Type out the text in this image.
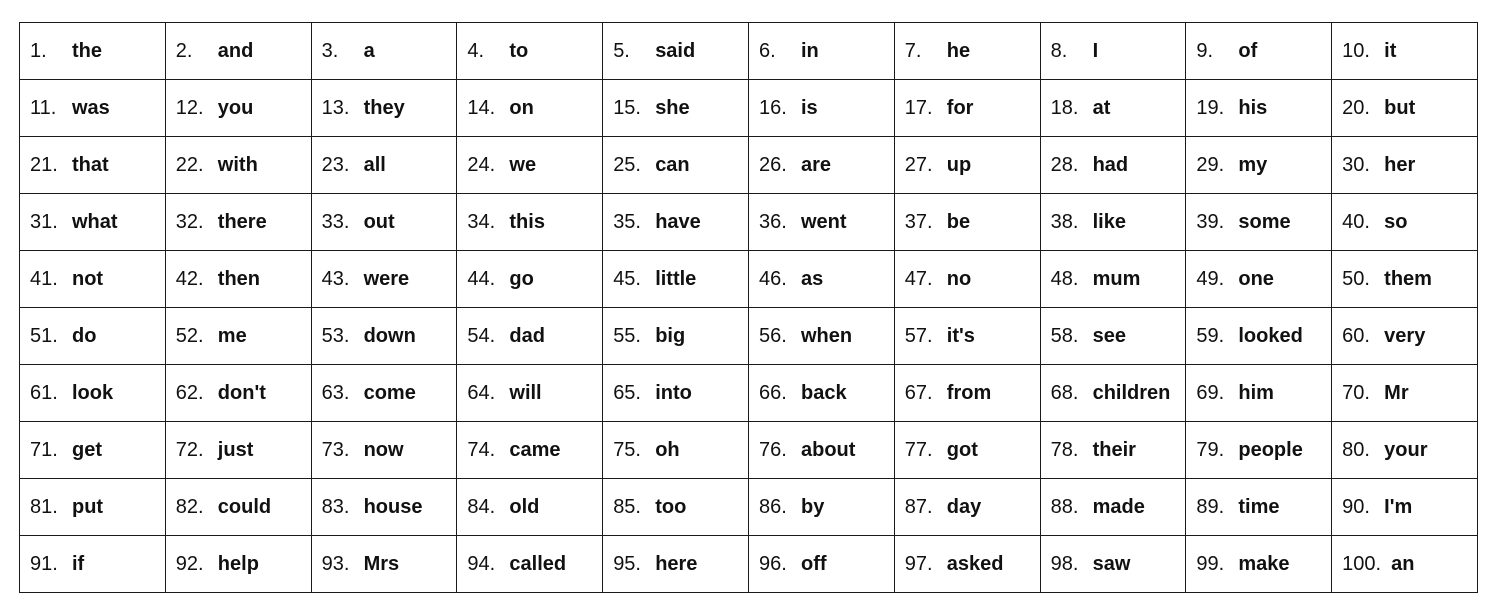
1. the	2. and	3. a	4. to	5. said	6. in	7. he	8. I	9. of	10. it
11. was	12. you	13. they	14. on	15. she	16. is	17. for	18. at	19. his	20. but
21. that	22. with	23. all	24. we	25. can	26. are	27. up	28. had	29. my	30. her
31. what	32. there	33. out	34. this	35. have	36. went	37. be	38. like	39. some	40. so
41. not	42. then	43. were	44. go	45. little	46. as	47. no	48. mum	49. one	50. them
51. do	52. me	53. down	54. dad	55. big	56. when	57. it's	58. see	59. looked	60. very
61. look	62. don't	63. come	64. will	65. into	66. back	67. from	68. children	69. him	70. Mr
71. get	72. just	73. now	74. came	75. oh	76. about	77. got	78. their	79. people	80. your
81. put	82. could	83. house	84. old	85. too	86. by	87. day	88. made	89. time	90. I'm
91. if	92. help	93. Mrs	94. called	95. here	96. off	97. asked	98. saw	99. make	100. an
